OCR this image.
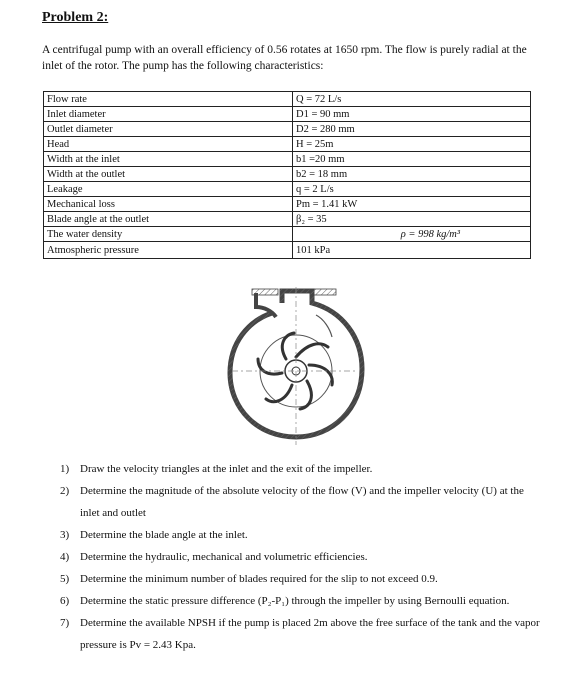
Problem 2:
A centrifugal pump with an overall efficiency of 0.56 rotates at 1650 rpm. The flow is purely radial at the inlet of the rotor. The pump has the following characteristics:
Flow rate	Q = 72 L/s
Inlet diameter	D1 = 90 mm
Outlet diameter	D2 = 280 mm
Head	H = 25m
Width at the inlet	b1 =20 mm
Width at the outlet	b2 = 18 mm
Leakage	q = 2 L/s
Mechanical loss	Pm = 1.41 kW
Blade angle at the outlet	β₂ = 35
The water density	ρ = 998 kg/m³
Atmospheric pressure	101 kPa
1) Draw the velocity triangles at the inlet and the exit of the impeller.
2) Determine the magnitude of the absolute velocity of the flow (V) and the impeller velocity (U) at the inlet and outlet
3) Determine the blade angle at the inlet.
4) Determine the hydraulic, mechanical and volumetric efficiencies.
5) Determine the minimum number of blades required for the slip to not exceed 0.9.
6) Determine the static pressure difference (P₂-P₁) through the impeller by using Bernoulli equation.
7) Determine the available NPSH if the pump is placed 2m above the free surface of the tank and the vapor pressure is Pv = 2.43 Kpa.
